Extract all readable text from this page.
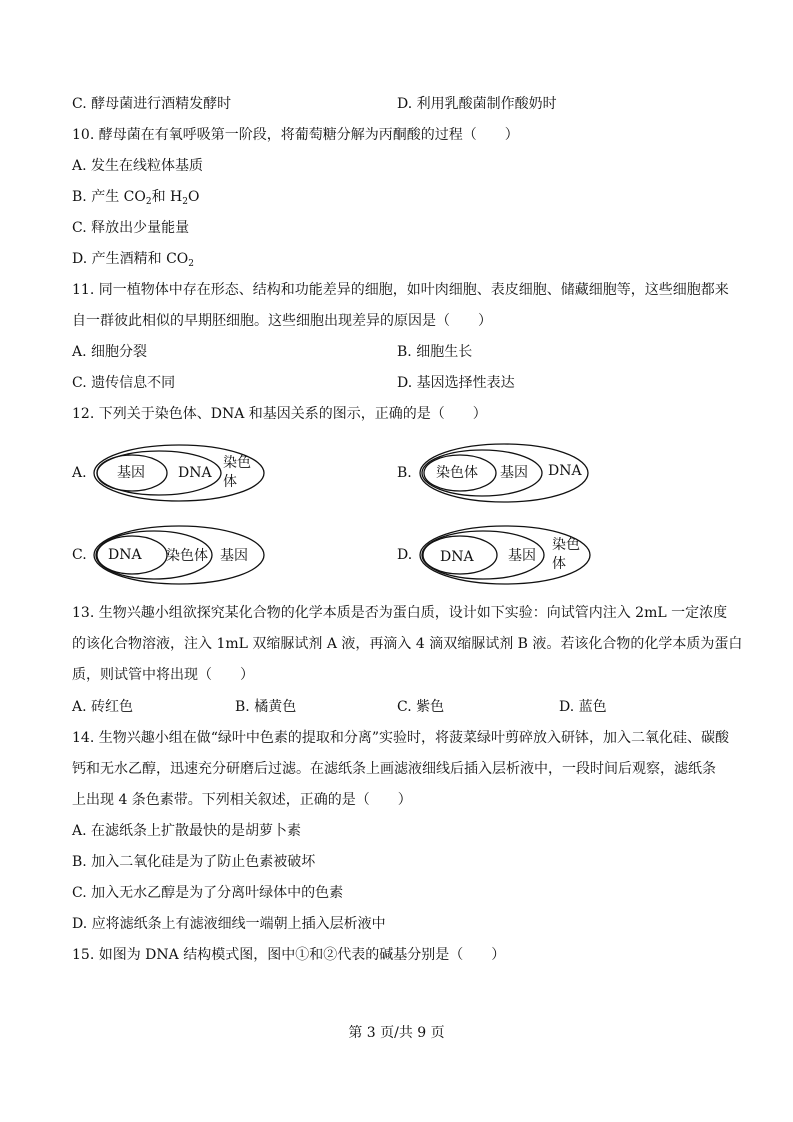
C. 酵母菌进行酒精发酵时	D. 利用乳酸菌制作酸奶时
10. 酵母菌在有氧呼吸第一阶段，将葡萄糖分解为丙酮酸的过程（　　）
A. 发生在线粒体基质
B. 产生 $CO_2$和 $H_2O$
C. 释放出少量能量
D. 产生酒精和 $CO_2$
11. 同一植物体中存在形态、结构和功能差异的细胞，如叶肉细胞、表皮细胞、储藏细胞等，这些细胞都来
自一群彼此相似的早期胚细胞。这些细胞出现差异的原因是（　　）
A. 细胞分裂	B. 细胞生长
C. 遗传信息不同	D. 基因选择性表达
12. 下列关于染色体、DNA 和基因关系的图示，正确的是（　　）
A. 基因 DNA
染色
体
B. 染色体 基因 DNA
C. DNA 染色体 基因	D. DNA 基因
染色
体
13. 生物兴趣小组欲探究某化合物的化学本质是否为蛋白质，设计如下实验：向试管内注入 2mL 一定浓度
的该化合物溶液，注入 1mL 双缩脲试剂 A 液，再滴入 4 滴双缩脲试剂 B 液。若该化合物的化学本质为蛋白
质，则试管中将出现（　　）
A. 砖红色	B. 橘黄色	C. 紫色	D. 蓝色
14. 生物兴趣小组在做“绿叶中色素的提取和分离”实验时，将菠菜绿叶剪碎放入研钵，加入二氧化硅、碳酸
钙和无水乙醇，迅速充分研磨后过滤。在滤纸条上画滤液细线后插入层析液中，一段时间后观察，滤纸条
上出现 4 条色素带。下列相关叙述，正确的是（　　）
A. 在滤纸条上扩散最快的是胡萝卜素
B. 加入二氧化硅是为了防止色素被破坏
C. 加入无水乙醇是为了分离叶绿体中的色素
D. 应将滤纸条上有滤液细线一端朝上插入层析液中
15. 如图为 DNA 结构模式图，图中①和②代表的碱基分别是（　　）
第 3 页/共 9 页
